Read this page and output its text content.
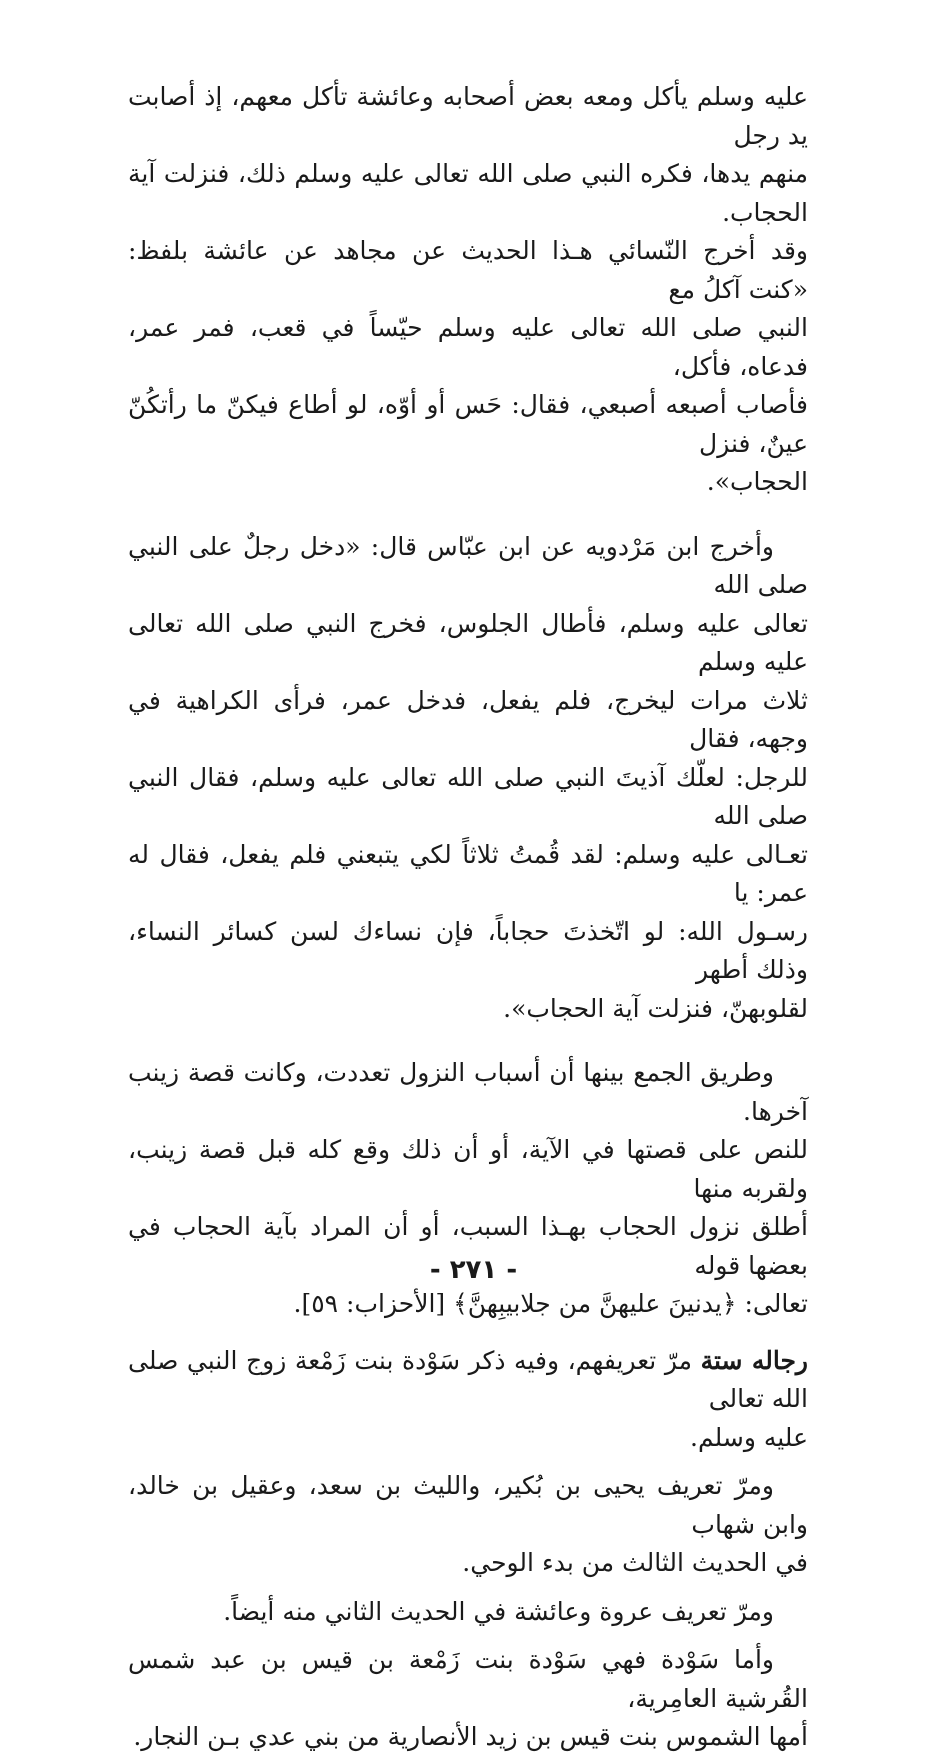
عليه وسلم يأكل ومعه بعض أصحابه وعائشة تأكل معهم، إذ أصابت يد رجل
منهم يدها، فكره النبي صلى الله تعالى عليه وسلم ذلك، فنزلت آية الحجاب.
وقد أخرج النّسائي هـذا الحديث عن مجاهد عن عائشة بلفظ: «كنت آكلُ مع
النبي صلى الله تعالى عليه وسلم حيّساً في قعب، فمر عمر، فدعاه، فأكل،
فأصاب أصبعه أصبعي، فقال: حَس أو أوّه، لو أطاع فيكنّ ما رأتكُنّ عينٌ، فنزل
الحجاب».

وأخرج ابن مَرْدويه عن ابن عبّاس قال: «دخل رجلٌ على النبي صلى الله
تعالى عليه وسلم، فأطال الجلوس، فخرج النبي صلى الله تعالى عليه وسلم
ثلاث مرات ليخرج، فلم يفعل، فدخل عمر، فرأى الكراهية في وجهه، فقال
للرجل: لعلّك آذيتَ النبي صلى الله تعالى عليه وسلم، فقال النبي صلى الله
تعـالى عليه وسلم: لقد قُمتُ ثلاثاً لكي يتبعني فلم يفعل، فقال له عمر: يا
رسـول الله: لو اتّخذتَ حجاباً، فإن نساءك لسن كسائر النساء، وذلك أطهر
لقلوبهنّ، فنزلت آية الحجاب».

وطريق الجمع بينها أن أسباب النزول تعددت، وكانت قصة زينب آخرها.
للنص على قصتها في الآية، أو أن ذلك وقع كله قبل قصة زينب، ولقربه منها
أطلق نزول الحجاب بهـذا السبب، أو أن المراد بآية الحجاب في بعضها قوله
تعالى: ﴿يدنينَ عليهنَّ من جلابيبِهنَّ﴾ [الأحزاب: ٥٩].

رجاله ستة مرّ تعريفهم، وفيه ذكر سَوْدة بنت زَمْعة زوج النبي صلى الله تعالى
عليه وسلم.

ومرّ تعريف يحيى بن بُكير، والليث بن سعد، وعقيل بن خالد، وابن شهاب
في الحديث الثالث من بدء الوحي.

ومرّ تعريف عروة وعائشة في الحديث الثاني منه أيضاً.

وأما سَوْدة فهي سَوْدة بنت زَمْعة بن قيس بن عبد شمس القُرشية العامِرية،
أمها الشموس بنت قيس بن زيد الأنصارية من بني عدي بـن النجار.

- ٢٧١ -
